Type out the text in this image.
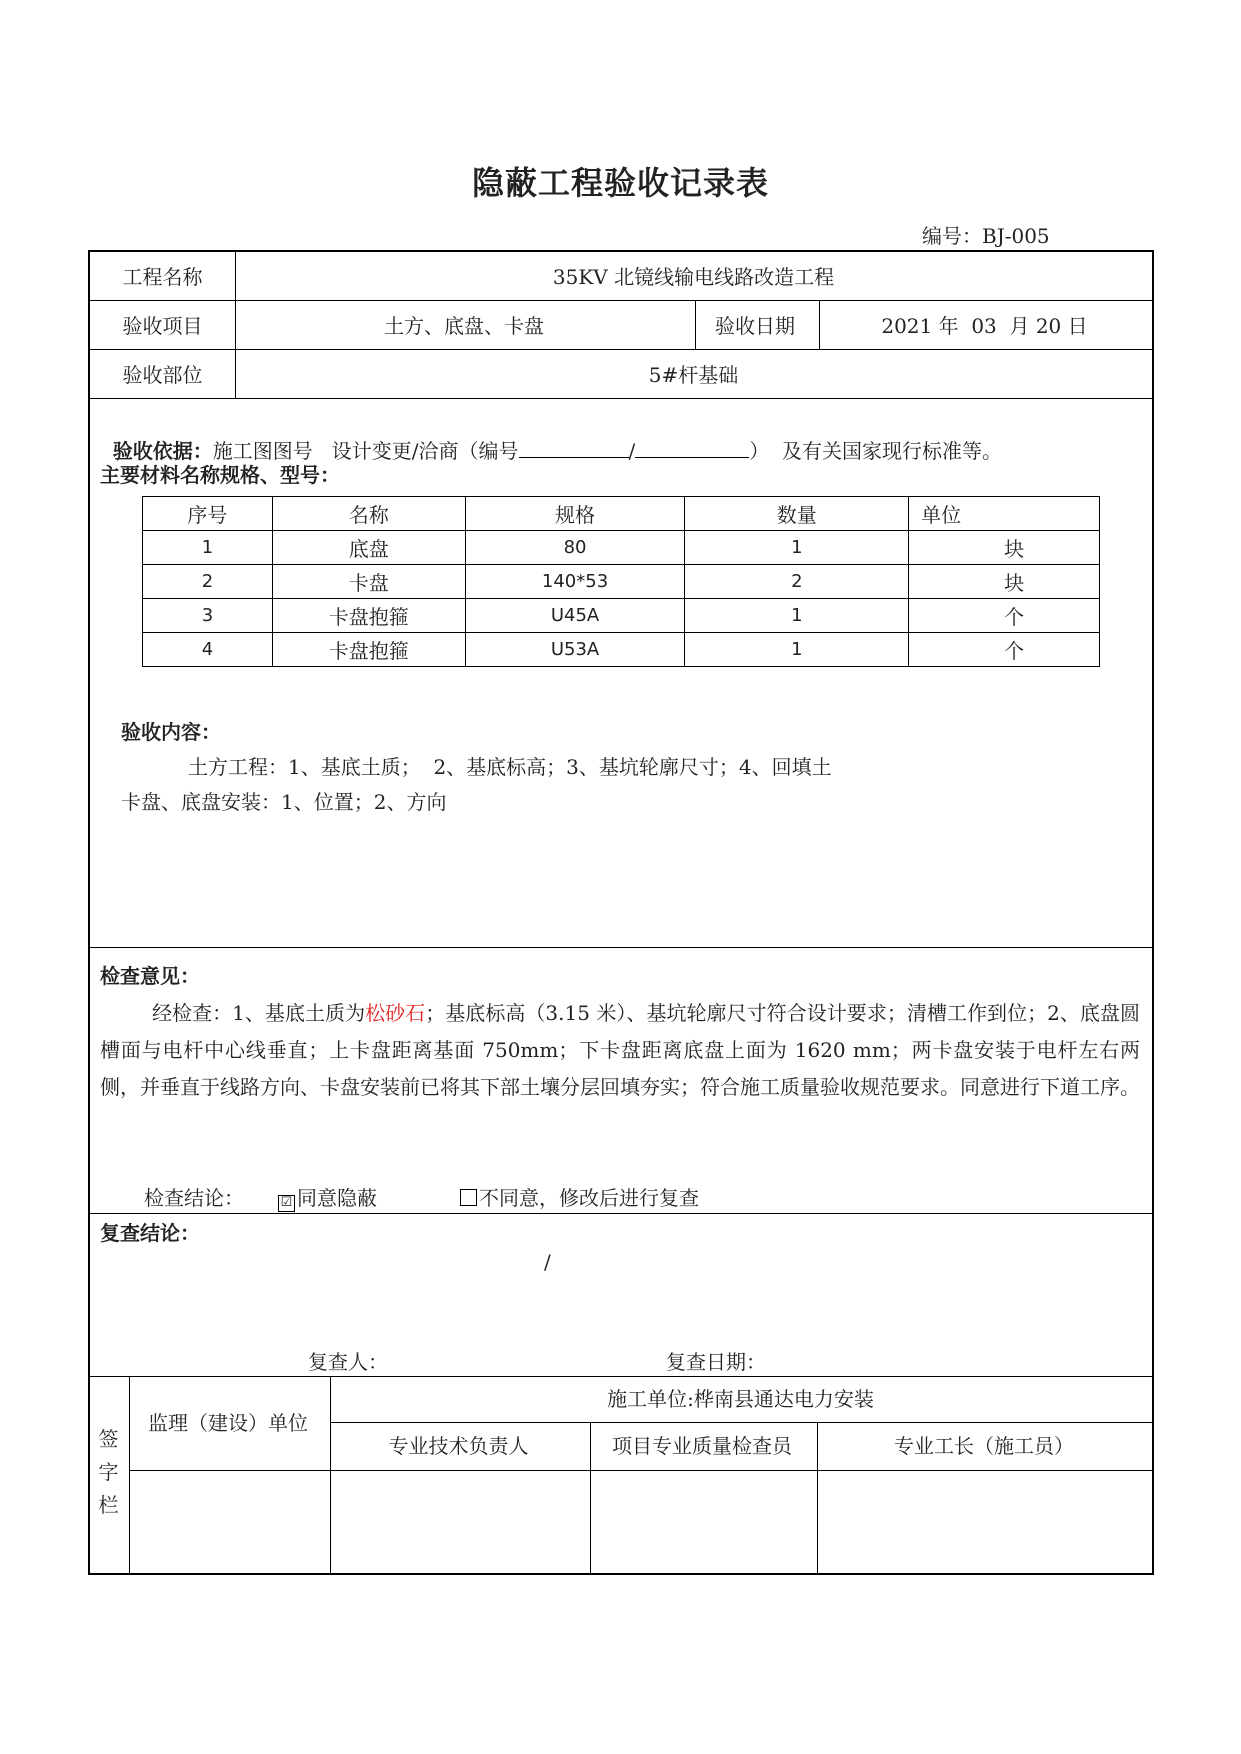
隐蔽工程验收记录表
编号：BJ-005
工程名称	35KV 北镜线输电线路改造工程
验收项目	土方、底盘、卡盘	验收日期	2021 年  03  月 20 日
验收部位	5#杆基础

验收依据：施工图图号   设计变更/洽商（编号	/	）  及有关国家现行标准等。

主要材料名称规格、型号：
序号	名称	规格	数量	单位
1	底盘	80	1	块
2	卡盘	140*53	2	块
3	卡盘抱箍	U45A	1	个
4	卡盘抱箍	U53A	1	个
验收内容：
土方工程：1、基底土质；  2、基底标高；3、基坑轮廓尺寸；4、回填土
卡盘、底盘安装：1、位置；2、方向
检查意见：
经检查：1、基底土质为松砂石；基底标高（3.15 米）、基坑轮廓尺寸符合设计要求；清槽工作到位；2、底盘圆槽面与电杆中心线垂直；上卡盘距离基面 750mm；下卡盘距离底盘上面为 1620 mm；两卡盘安装于电杆左右两侧，并垂直于线路方向、卡盘安装前已将其下部土壤分层回填夯实；符合施工质量验收规范要求。同意进行下道工序。
检查结论：	☑ 同意隐蔽	不同意，修改后进行复查
复查结论：
/
复查人：	复查日期：
签
字
栏
监理（建设）单位
施工单位:桦南县通达电力安装
专业技术负责人	项目专业质量检查员	专业工长（施工员）
